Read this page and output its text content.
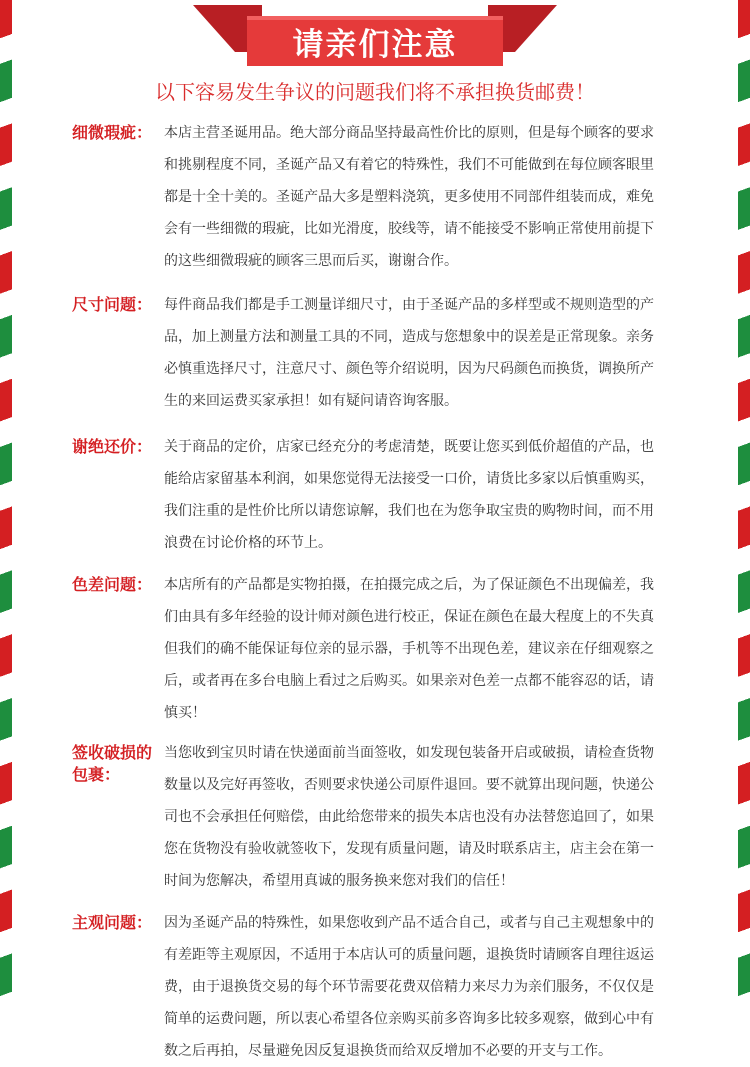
请亲们注意
以下容易发生争议的问题我们将不承担换货邮费！
细微瑕疵： 本店主营圣诞用品。绝大部分商品坚持最高性价比的原则，但是每个顾客的要求
和挑剔程度不同，圣诞产品又有着它的特殊性，我们不可能做到在每位顾客眼里
都是十全十美的。圣诞产品大多是塑料浇筑，更多使用不同部件组装而成，难免
会有一些细微的瑕疵，比如光滑度，胶线等，请不能接受不影响正常使用前提下
的这些细微瑕疵的顾客三思而后买，谢谢合作。
尺寸问题： 每件商品我们都是手工测量详细尺寸，由于圣诞产品的多样型或不规则造型的产
品，加上测量方法和测量工具的不同，造成与您想象中的误差是正常现象。亲务
必慎重选择尺寸，注意尺寸、颜色等介绍说明，因为尺码颜色而换货，调换所产
生的来回运费买家承担！如有疑问请咨询客服。
谢绝还价： 关于商品的定价，店家已经充分的考虑清楚，既要让您买到低价超值的产品，也
能给店家留基本利润，如果您觉得无法接受一口价，请货比多家以后慎重购买，
我们注重的是性价比所以请您谅解，我们也在为您争取宝贵的购物时间，而不用
浪费在讨论价格的环节上。
色差问题： 本店所有的产品都是实物拍摄，在拍摄完成之后，为了保证颜色不出现偏差，我
们由具有多年经验的设计师对颜色进行校正，保证在颜色在最大程度上的不失真
但我们的确不能保证每位亲的显示器，手机等不出现色差，建议亲在仔细观察之
后，或者再在多台电脑上看过之后购买。如果亲对色差一点都不能容忍的话，请
慎买！
签收破损的包裹：
当您收到宝贝时请在快递面前当面签收，如发现包装备开启或破损，请检查货物
数量以及完好再签收，否则要求快递公司原件退回。要不就算出现问题，快递公
司也不会承担任何赔偿，由此给您带来的损失本店也没有办法替您追回了，如果
您在货物没有验收就签收下，发现有质量问题，请及时联系店主，店主会在第一
时间为您解决，希望用真诚的服务换来您对我们的信任！
主观问题： 因为圣诞产品的特殊性，如果您收到产品不适合自己，或者与自己主观想象中的
有差距等主观原因，不适用于本店认可的质量问题，退换货时请顾客自理往返运
费，由于退换货交易的每个环节需要花费双倍精力来尽力为亲们服务，不仅仅是
简单的运费问题，所以衷心希望各位亲购买前多咨询多比较多观察，做到心中有
数之后再拍，尽量避免因反复退换货而给双反增加不必要的开支与工作。
